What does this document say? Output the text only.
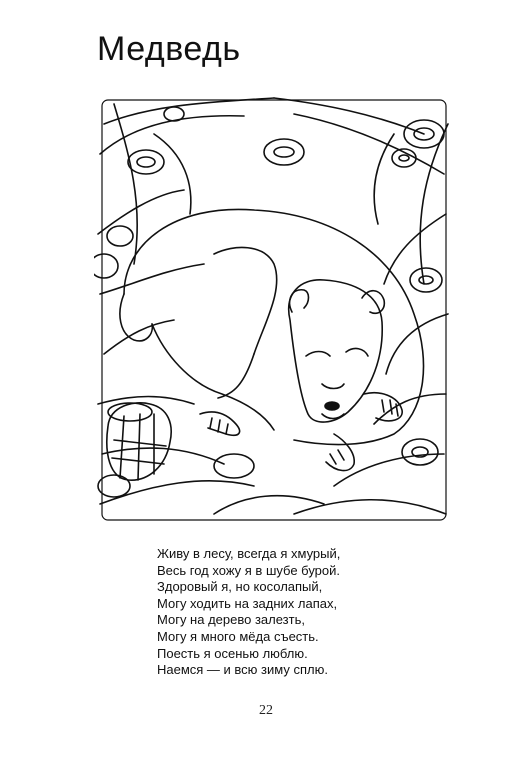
Медведь
Живу в лесу, всегда я хмурый,
Весь год хожу я в шубе бурой.
Здоровый я, но косолапый,
Могу ходить на задних лапах,
Могу на дерево залезть,
Могу я много мёда съесть.
Поесть я осенью люблю.
Наемся — и всю зиму сплю.
22
